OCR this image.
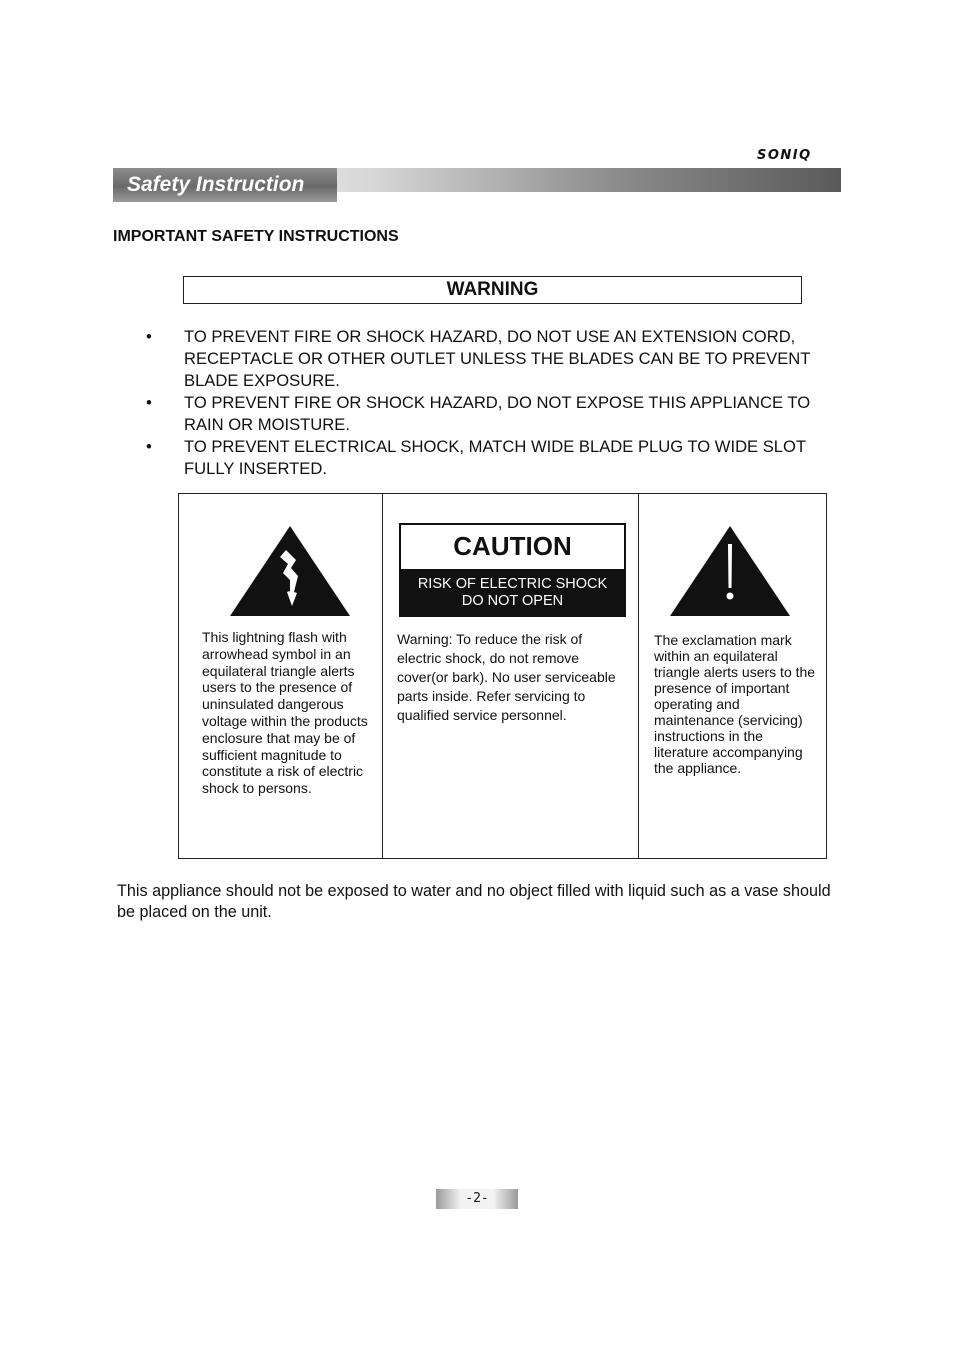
SONIQ
Safety Instruction
IMPORTANT SAFETY INSTRUCTIONS
WARNING
• TO PREVENT FIRE OR SHOCK HAZARD, DO NOT USE AN EXTENSION CORD, RECEPTACLE OR OTHER OUTLET UNLESS THE BLADES CAN BE TO PREVENT BLADE EXPOSURE.
• TO PREVENT FIRE OR SHOCK HAZARD, DO NOT EXPOSE THIS APPLIANCE TO RAIN OR MOISTURE.
• TO PREVENT ELECTRICAL SHOCK, MATCH WIDE BLADE PLUG TO WIDE SLOT FULLY INSERTED.
This lightning flash with arrowhead symbol in an equilateral triangle alerts users to the presence of uninsulated dangerous voltage within the products enclosure that may be of sufficient magnitude to constitute a risk of electric shock to persons.
CAUTION
RISK OF ELECTRIC SHOCK
DO NOT OPEN
Warning: To reduce the risk of electric shock, do not remove cover(or bark). No user serviceable parts inside. Refer servicing to qualified service personnel.
The exclamation mark within an equilateral triangle alerts users to the presence of important operating and maintenance (servicing) instructions in the literature accompanying the appliance.
This appliance should not be exposed to water and no object filled with liquid such as a vase should be placed on the unit.
-2-
